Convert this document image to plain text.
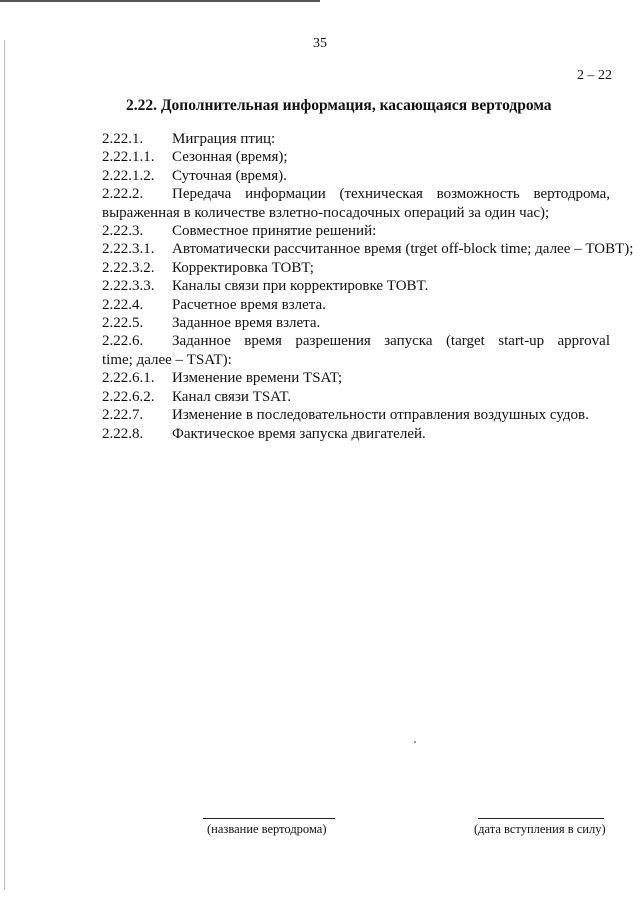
35
2 – 22
2.22. Дополнительная информация, касающаяся вертодрома
2.22.1.	Миграция птиц:
2.22.1.1.	Сезонная (время);
2.22.1.2.	Суточная (время).
2.22.2.	Передача информации (техническая возможность вертодрома,
выраженная в количестве взлетно-посадочных операций за один час);
2.22.3.	Совместное принятие решений:
2.22.3.1.	Автоматически рассчитанное время (trget off-block time; далее – TOBT);
2.22.3.2.	Корректировка TOBT;
2.22.3.3.	Каналы связи при корректировке TOBT.
2.22.4.	Расчетное время взлета.
2.22.5.	Заданное время взлета.
2.22.6.	Заданное время разрешения запуска (target start-up approval
time; далее – TSAT):
2.22.6.1.	Изменение времени TSAT;
2.22.6.2.	Канал связи TSAT.
2.22.7.	Изменение в последовательности отправления воздушных судов.
2.22.8.	Фактическое время запуска двигателей.
(название вертодрома)	(дата вступления в силу)
